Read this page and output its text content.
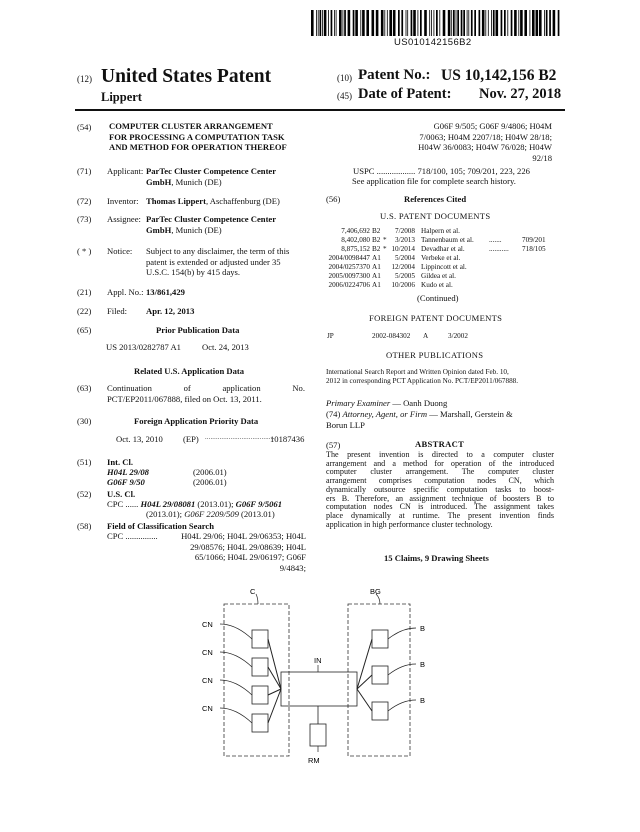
US010142156B2
(12) United States Patent
Lippert
(10) Patent No.: US 10,142,156 B2
(45) Date of Patent: Nov. 27, 2018
(54) COMPUTER CLUSTER ARRANGEMENT
FOR PROCESSING A COMPUTATION TASK
AND METHOD FOR OPERATION THEREOF
(71) Applicant: ParTec Cluster Competence Center
GmbH, Munich (DE)
(72) Inventor: Thomas Lippert, Aschaffenburg (DE)
(73) Assignee: ParTec Cluster Competence Center
GmbH, Munich (DE)
( * ) Notice: Subject to any disclaimer, the term of this
patent is extended or adjusted under 35
U.S.C. 154(b) by 415 days.
(21) Appl. No.: 13/861,429
(22) Filed: Apr. 12, 2013
(65)	Prior Publication Data
US 2013/0282787 A1 Oct. 24, 2013
Related U.S. Application Data
(63) Continuation	of	application	No.
PCT/EP2011/067888, filed on Oct. 13, 2011.
(30)	Foreign Application Priority Data
Oct. 13, 2010 (EP) ......................................
10187436
(51) Int. Cl.
H04L 29/08	(2006.01)
G06F 9/50	(2006.01)
(52) U.S. Cl.
CPC ...... H04L 29/08081 (2013.01); G06F 9/5061
(2013.01); G06F 2209/509 (2013.01)
(58) Field of Classification Search
CPC ...............	H04L 29/06; H04L 29/06353; H04L
29/08576; H04L 29/08639; H04L
65/1066; H04L 29/06197; G06F 9/4843;
G06F 9/505; G06F 9/4806; H04M
7/0063; H04M 2207/18; H04W 28/18;
H04W 36/0083; H04W 76/028; H04W
92/18
USPC .................. 718/100, 105; 709/201, 223, 226
See application file for complete search history.
(56)	References Cited
U.S. PATENT DOCUMENTS
7,406,692 B2	7/2008 Halpern et al.
8,402,080 B2 *	3/2013 Tannenbaum et al. .......	709/201
8,875,152 B2 * 10/2014 Devadhar et al.	........... 718/105
2004/0098447 A1	5/2004 Verbeke et al.
2004/0257370 A1 12/2004 Lippincott et al.
2005/0097300 A1	5/2005 Gildea et al.
2006/0224706 A1 10/2006 Kudo et al.
(Continued)
FOREIGN PATENT DOCUMENTS
JP	2002-084302 A	3/2002
OTHER PUBLICATIONS
International Search Report and Written Opinion dated Feb. 10,
2012 in corresponding PCT Application No. PCT/EP2011/067888.
Primary Examiner — Oanh Duong
(74) Attorney, Agent, or Firm — Marshall, Gerstein &
Borun LLP
(57)	ABSTRACT
The present invention is directed to a computer cluster
arrangement and a method for operation of the introduced
computer cluster arrangement. The computer cluster
arrangement comprises computation nodes CN, which
dynamically outsource specific computation tasks to boost-
ers B. Therefore, an assignment technique of boosters B to
computation nodes CN is introduced. The assignment takes
place dynamically at runtime. The present invention finds
application in high performance cluster technology.
15 Claims, 9 Drawing Sheets
C	BG
IN
RM
CN
CN
CN
CN
B
B
B
